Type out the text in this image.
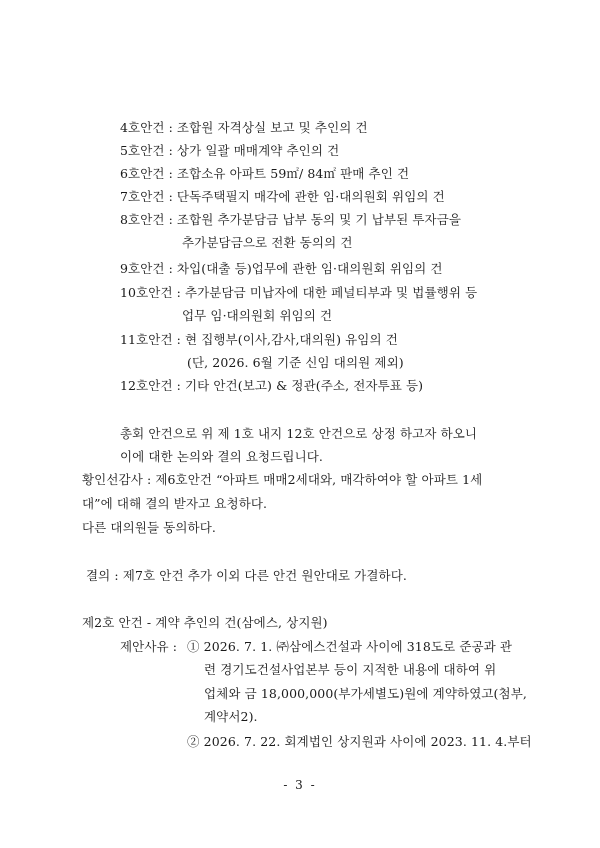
4호안건 : 조합원 자격상실 보고 및 추인의 건
5호안건 : 상가 일괄 매매계약 추인의 건
6호안건 : 조합소유 아파트 59㎡/ 84㎡ 판매 추인 건
7호안건 : 단독주택필지 매각에 관한 임·대의원회 위임의 건
8호안건 : 조합원 추가분담금 납부 동의 및 기 납부된 투자금을
추가분담금으로 전환 동의의 건
9호안건 : 차입(대출 등)업무에 관한 임·대의원회 위임의 건
10호안건 : 추가분담금 미납자에 대한 페널티부과 및 법률행위 등
업무 임·대의원회 위임의 건
11호안건 : 현 집행부(이사,감사,대의원) 유임의 건
(단, 2026. 6월 기준 신임 대의원 제외)
12호안건 : 기타 안건(보고) & 정관(주소, 전자투표 등)
총회 안건으로 위 제 1호 내지 12호 안건으로 상정 하고자 하오니
이에 대한 논의와 결의 요청드립니다.
황인선감사 : 제6호안건 “아파트 매매2세대와, 매각하여야 할 아파트 1세
대”에 대해 결의 받자고 요청하다.
다른 대의원들 동의하다.
결의 : 제7호 안건 추가 이외 다른 안건 원안대로 가결하다.
제2호 안건 - 계약 추인의 건(삼에스, 상지원)
제안사유 : ① 2026. 7. 1. ㈜삼에스건설과 사이에 318도로 준공과 관
련 경기도건설사업본부 등이 지적한 내용에 대하여 위
업체와 금 18,000,000(부가세별도)원에 계약하였고(첨부,
계약서2).
② 2026. 7. 22. 회계법인 상지원과 사이에 2023. 11. 4.부터
- 3 -
